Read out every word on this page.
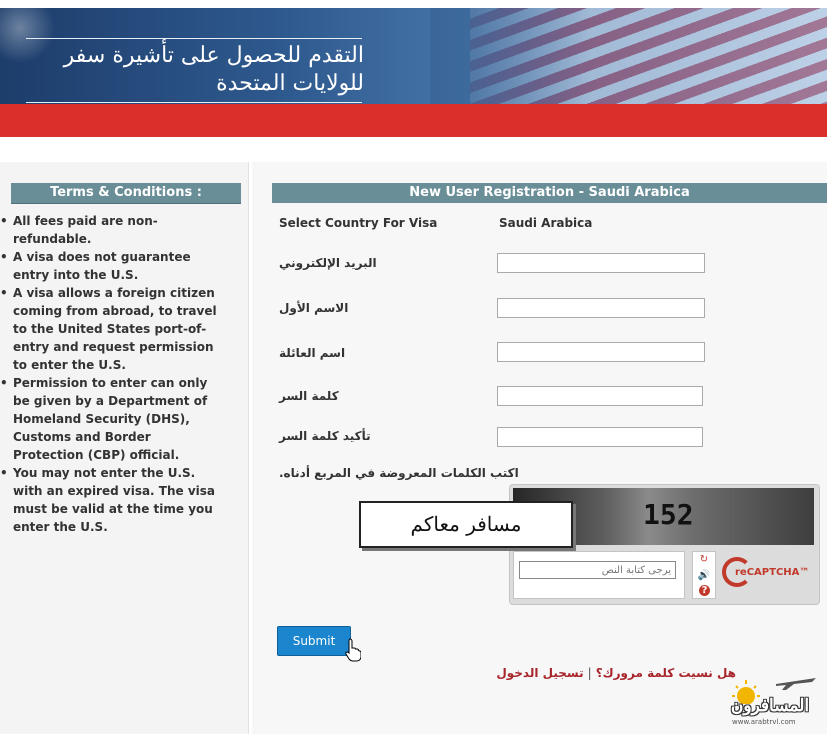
التقدم للحصول على تأشيرة سفر
للولايات المتحدة
Terms & Conditions :
• All fees paid are non-refundable.
• A visa does not guarantee entry into the U.S.
• A visa allows a foreign citizen coming from abroad, to travel to the United States port-of-entry and request permission to enter the U.S.
• Permission to enter can only be given by a Department of Homeland Security (DHS), Customs and Border Protection (CBP) official.
• You may not enter the U.S. with an expired visa. The visa must be valid at the time you enter the U.S.
New User Registration - Saudi Arabica
Select Country For Visa	Saudi Arabica
البريد الإلكتروني
الاسم الأول
اسم العائلة
كلمة السر
تأكيد كلمة السر
اكتب الكلمات المعروضة في المربع أدناه.
152
يرجى كتابة النص
↻
🔊
?
reCAPTCHA™
مسافر معاكم
Submit
هل نسيت كلمة مرورك؟|تسجيل الدخول
المسافرون
www.arabtrvl.com
